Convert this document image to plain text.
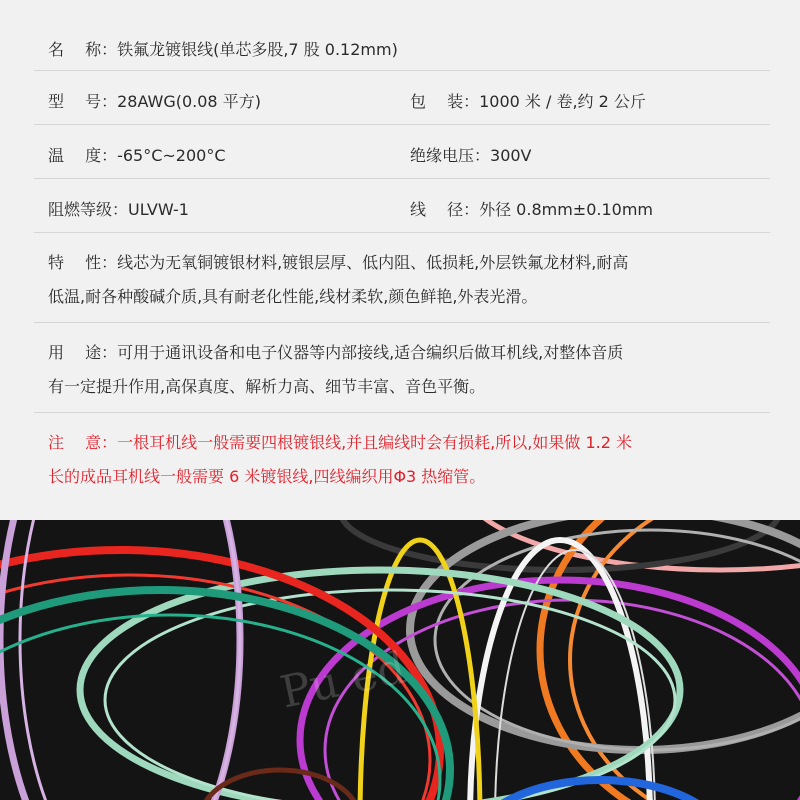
名　 称：铁氟龙镀银线(单芯多股,7 股 0.12mm)
型　 号：28AWG(0.08 平方)	包　 装：1000 米 / 卷,约 2 公斤
温　 度：-65°C~200°C	绝缘电压：300V
阻燃等级：ULVW-1	线　 径：外径 0.8mm±0.10mm
特　 性：线芯为无氧铜镀银材料,镀银层厚、低内阻、低损耗,外层铁氟龙材料,耐高
低温,耐各种酸碱介质,具有耐老化性能,线材柔软,颜色鲜艳,外表光滑。
用　 途：可用于通讯设备和电子仪器等内部接线,适合编织后做耳机线,对整体音质
有一定提升作用,高保真度、解析力高、细节丰富、音色平衡。
注　 意：一根耳机线一般需要四根镀银线,并且编线时会有损耗,所以,如果做 1.2 米
长的成品耳机线一般需要 6 米镀银线,四线编织用Φ3 热缩管。
Pu ed
